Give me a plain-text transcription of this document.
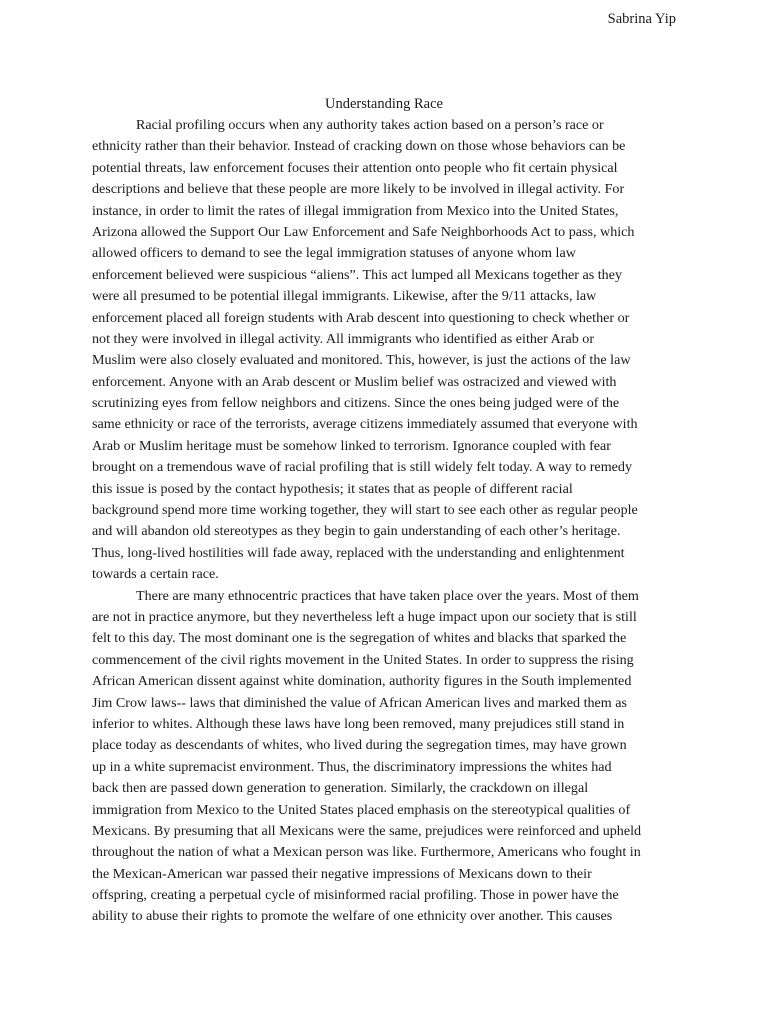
Sabrina Yip
Understanding Race
Racial profiling occurs when any authority takes action based on a person’s race or
ethnicity rather than their behavior. Instead of cracking down on those whose behaviors can be
potential threats, law enforcement focuses their attention onto people who fit certain physical
descriptions and believe that these people are more likely to be involved in illegal activity. For
instance, in order to limit the rates of illegal immigration from Mexico into the United States,
Arizona allowed the Support Our Law Enforcement and Safe Neighborhoods Act to pass, which
allowed officers to demand to see the legal immigration statuses of anyone whom law
enforcement believed were suspicious “aliens”. This act lumped all Mexicans together as they
were all presumed to be potential illegal immigrants. Likewise, after the 9/11 attacks, law
enforcement placed all foreign students with Arab descent into questioning to check whether or
not they were involved in illegal activity. All immigrants who identified as either Arab or
Muslim were also closely evaluated and monitored. This, however, is just the actions of the law
enforcement. Anyone with an Arab descent or Muslim belief was ostracized and viewed with
scrutinizing eyes from fellow neighbors and citizens. Since the ones being judged were of the
same ethnicity or race of the terrorists, average citizens immediately assumed that everyone with
Arab or Muslim heritage must be somehow linked to terrorism. Ignorance coupled with fear
brought on a tremendous wave of racial profiling that is still widely felt today. A way to remedy
this issue is posed by the contact hypothesis; it states that as people of different racial
background spend more time working together, they will start to see each other as regular people
and will abandon old stereotypes as they begin to gain understanding of each other’s heritage.
Thus, long-lived hostilities will fade away, replaced with the understanding and enlightenment
towards a certain race.
There are many ethnocentric practices that have taken place over the years. Most of them
are not in practice anymore, but they nevertheless left a huge impact upon our society that is still
felt to this day. The most dominant one is the segregation of whites and blacks that sparked the
commencement of the civil rights movement in the United States. In order to suppress the rising
African American dissent against white domination, authority figures in the South implemented
Jim Crow laws-- laws that diminished the value of African American lives and marked them as
inferior to whites. Although these laws have long been removed, many prejudices still stand in
place today as descendants of whites, who lived during the segregation times, may have grown
up in a white supremacist environment. Thus, the discriminatory impressions the whites had
back then are passed down generation to generation. Similarly, the crackdown on illegal
immigration from Mexico to the United States placed emphasis on the stereotypical qualities of
Mexicans. By presuming that all Mexicans were the same, prejudices were reinforced and upheld
throughout the nation of what a Mexican person was like. Furthermore, Americans who fought in
the Mexican-American war passed their negative impressions of Mexicans down to their
offspring, creating a perpetual cycle of misinformed racial profiling. Those in power have the
ability to abuse their rights to promote the welfare of one ethnicity over another. This causes
